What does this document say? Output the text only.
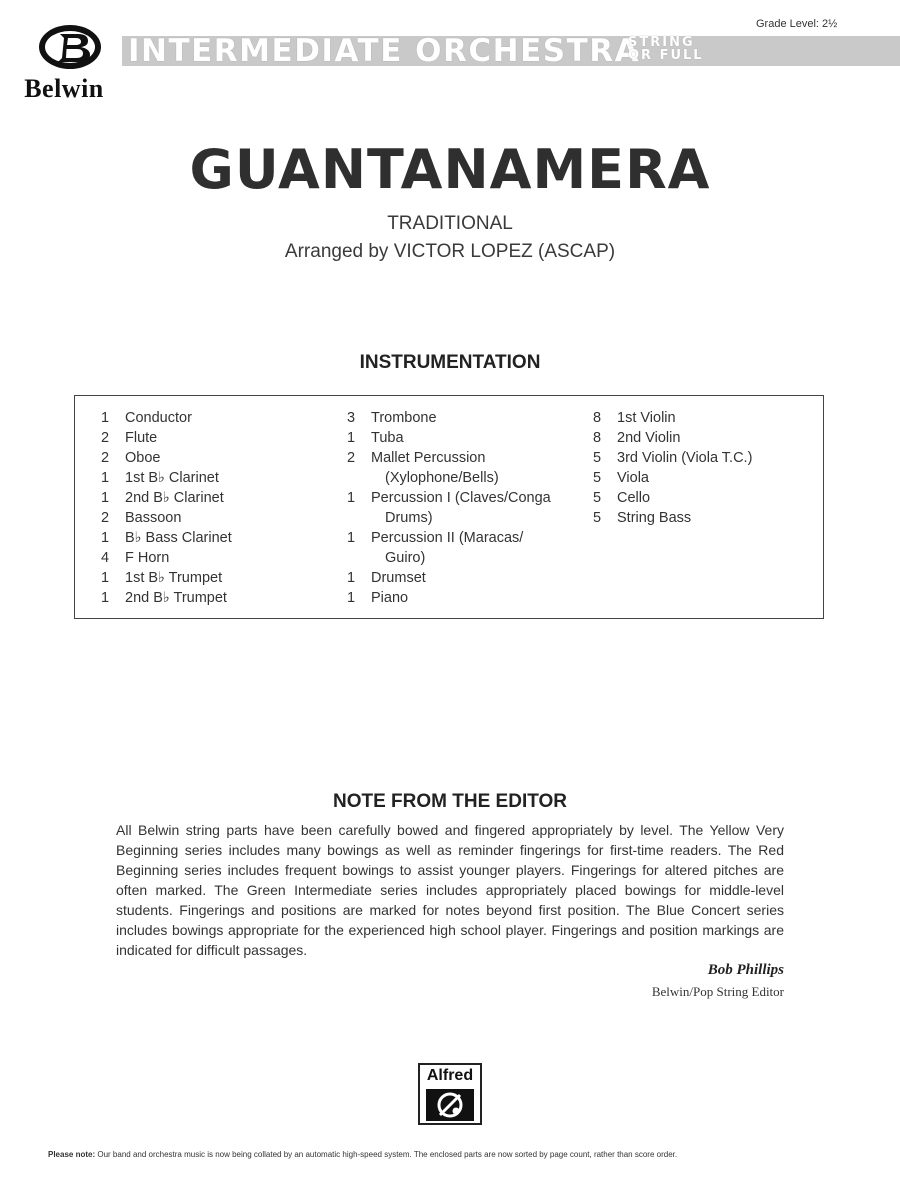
Belwin
INTERMEDIATE ORCHESTRA
STRING
OR FULL
Grade Level: 2½
GUANTANAMERA
TRADITIONAL
Arranged by VICTOR LOPEZ (ASCAP)
INSTRUMENTATION
1	Conductor
2	Flute
2	Oboe
1	1st B♭ Clarinet
1	2nd B♭ Clarinet
2	Bassoon
1	B♭ Bass Clarinet
4	F Horn
1	1st B♭ Trumpet
1	2nd B♭ Trumpet
3	Trombone
1	Tuba
2	Mallet Percussion
(Xylophone/Bells)
1	Percussion I (Claves/Conga
Drums)
1	Percussion II (Maracas/
Guiro)
1	Drumset
1	Piano
8	1st Violin
8	2nd Violin
5	3rd Violin (Viola T.C.)
5	Viola
5	Cello
5	String Bass
NOTE FROM THE EDITOR
All Belwin string parts have been carefully bowed and fingered appropriately by level. The Yellow Very Beginning series includes many bowings as well as reminder fingerings for first-time readers. The Red Beginning series includes frequent bowings to assist younger players. Fingerings for altered pitches are often marked. The Green Intermediate series includes appropriately placed bowings for middle-level students. Fingerings and positions are marked for notes beyond first position. The Blue Concert series includes bowings appropriate for the experienced high school player. Fingerings and position markings are indicated for difficult passages.
Bob Phillips
Belwin/Pop String Editor
Alfred
Please note: Our band and orchestra music is now being collated by an automatic high-speed system. The enclosed parts are now sorted by page count, rather than score order.
